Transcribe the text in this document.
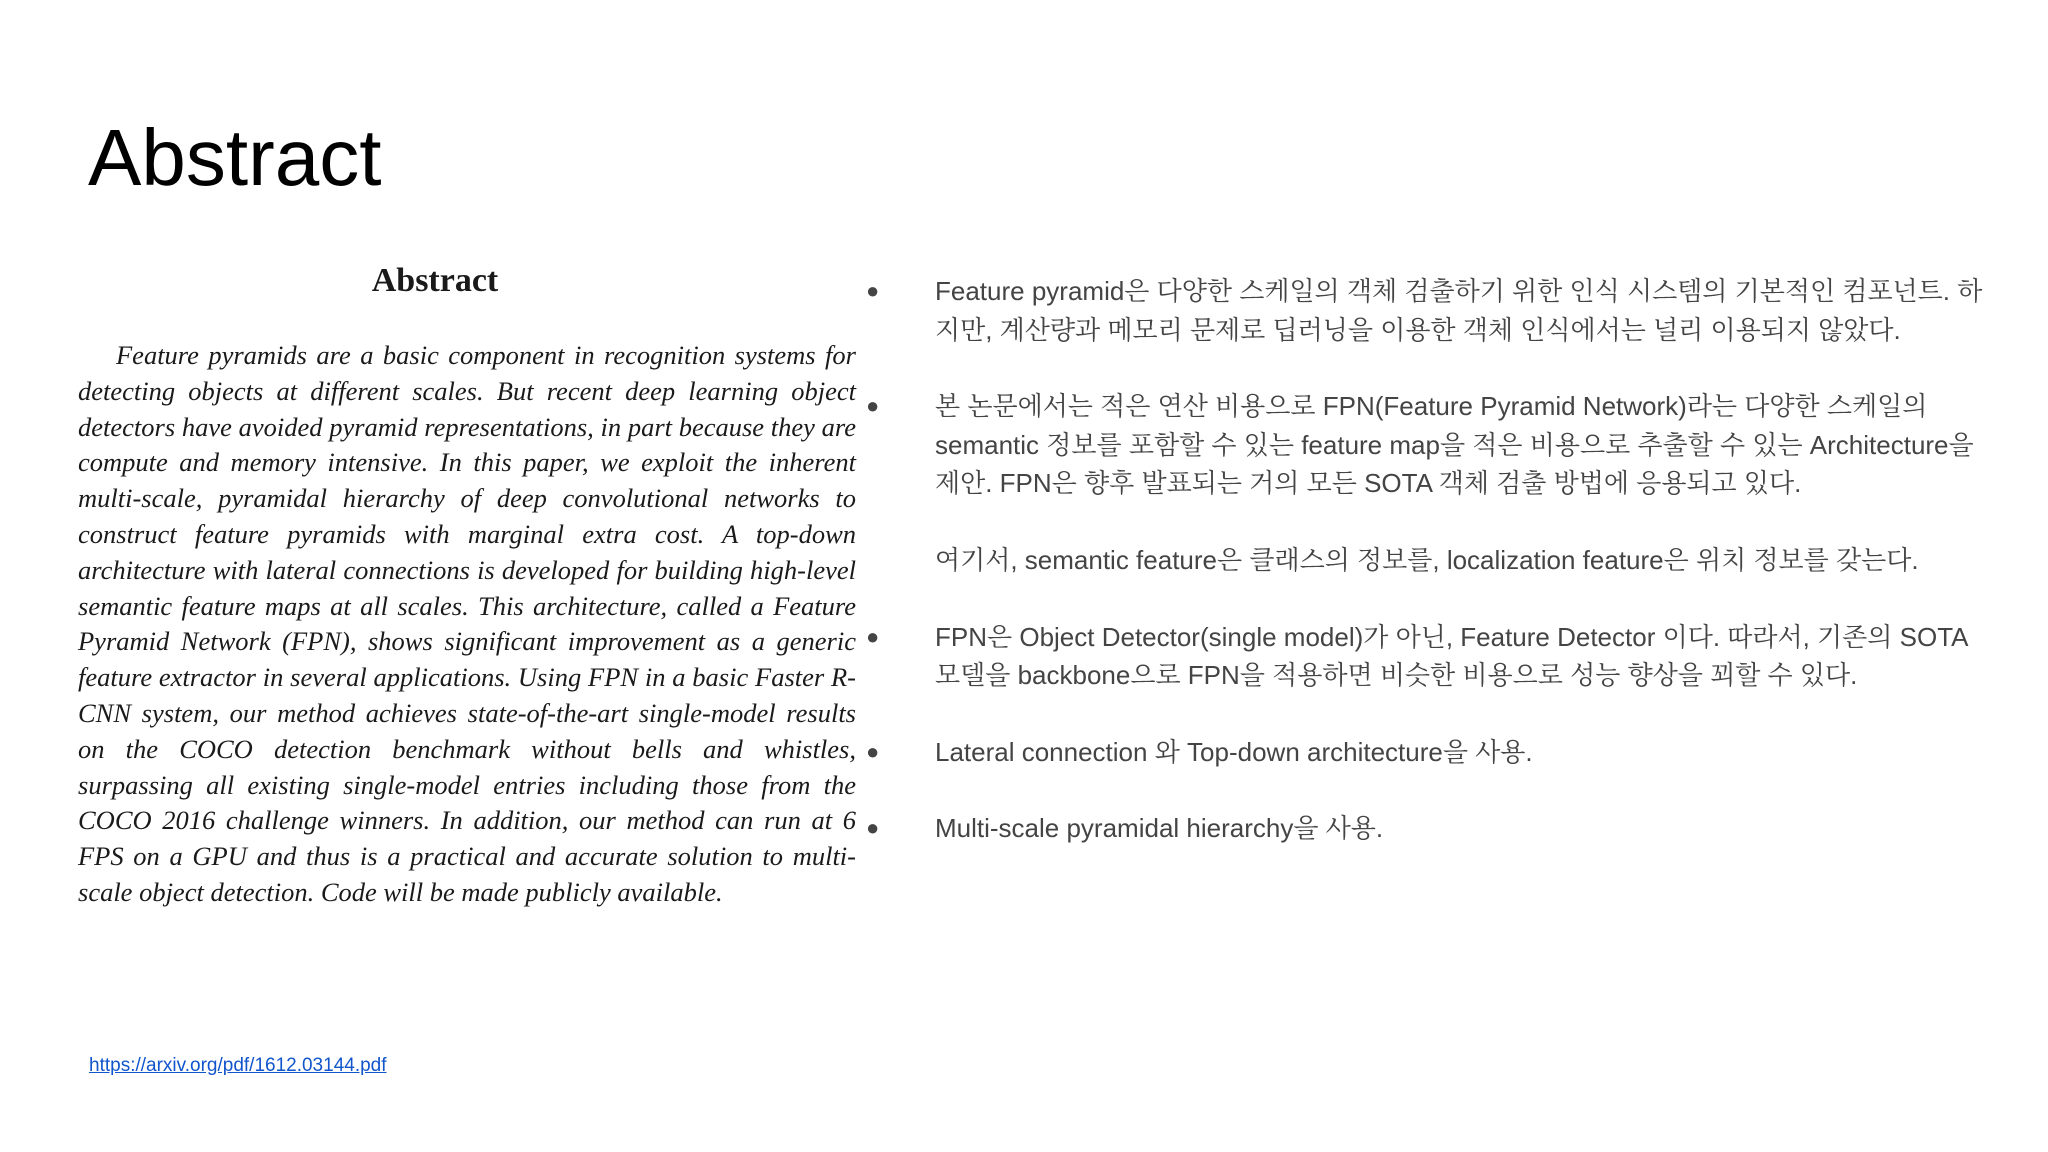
Abstract
Abstract

Feature pyramids are a basic component in recognition systems for detecting objects at different scales. But recent deep learning object detectors have avoided pyramid representations, in part because they are compute and memory intensive. In this paper, we exploit the inherent multi-scale, pyramidal hierarchy of deep convolutional networks to construct feature pyramids with marginal extra cost. A top-down architecture with lateral connections is developed for building high-level semantic feature maps at all scales. This architecture, called a Feature Pyramid Network (FPN), shows significant improvement as a generic feature extractor in several applications. Using FPN in a basic Faster R-CNN system, our method achieves state-of-the-art single-model results on the COCO detection benchmark without bells and whistles, surpassing all existing single-model entries including those from the COCO 2016 challenge winners. In addition, our method can run at 6 FPS on a GPU and thus is a practical and accurate solution to multi-scale object detection. Code will be made publicly available.

https://arxiv.org/pdf/1612.03144.pdf
● Feature pyramid은 다양한 스케일의 객체 검출하기 위한 인식 시스템의 기본적인 컴포넌트. 하지만, 계산량과 메모리 문제로 딥러닝을 이용한 객체 인식에서는 널리 이용되지 않았다.
● 본 논문에서는 적은 연산 비용으로 FPN(Feature Pyramid Network)라는 다양한 스케일의 semantic 정보를 포함할 수 있는 feature map을 적은 비용으로 추출할 수 있는 Architecture을 제안. FPN은 향후 발표되는 거의 모든 SOTA 객체 검출 방법에 응용되고 있다.
여기서, semantic feature은 클래스의 정보를, localization feature은 위치 정보를 갖는다.
● FPN은 Object Detector(single model)가 아닌, Feature Detector 이다. 따라서, 기존의 SOTA 모델을 backbone으로 FPN을 적용하면 비슷한 비용으로 성능 향상을 꾀할 수 있다.
● Lateral connection 와 Top-down architecture을 사용.
● Multi-scale pyramidal hierarchy을 사용.
